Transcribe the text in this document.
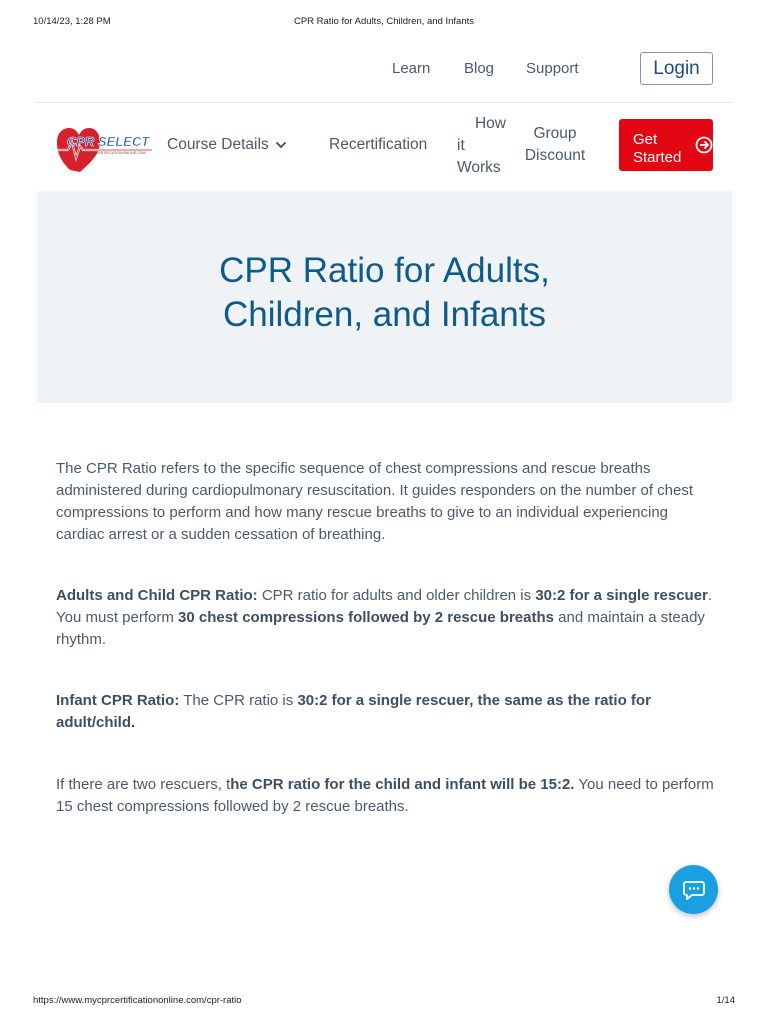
10/14/23, 1:28 PM	CPR Ratio for Adults, Children, and Infants
Learn Blog Support	Login
CPR SELECT
MYCPRCERTIFICATIONONLINE.COM Course Details	Recertification
How
it
Works
Group
Discount
Get
Started
CPR Ratio for Adults,
Children, and Infants

The CPR Ratio refers to the specific sequence of chest compressions and rescue breaths administered during cardiopulmonary resuscitation. It guides responders on the number of chest compressions to perform and how many rescue breaths to give to an individual experiencing cardiac arrest or a sudden cessation of breathing.

Adults and Child CPR Ratio: CPR ratio for adults and older children is 30:2 for a single rescuer. You must perform 30 chest compressions followed by 2 rescue breaths and maintain a steady rhythm.

Infant CPR Ratio: The CPR ratio is 30:2 for a single rescuer, the same as the ratio for adult/child.

If there are two rescuers, the CPR ratio for the child and infant will be 15:2. You need to perform 15 chest compressions followed by 2 rescue breaths.

https://www.mycprcertificationonline.com/cpr-ratio	1/14
